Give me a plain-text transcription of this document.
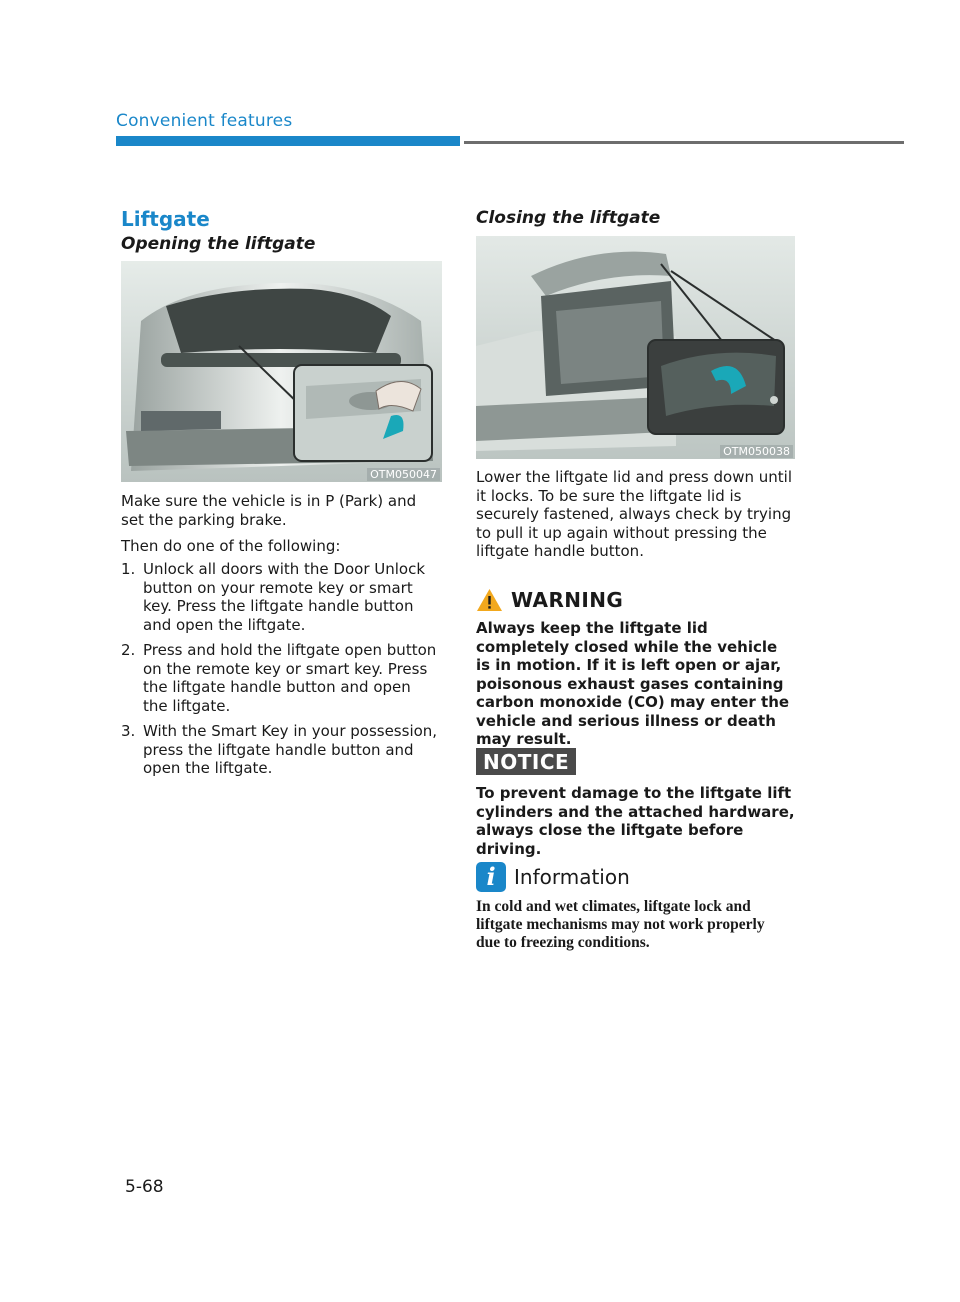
Convenient features
Liftgate
Opening the liftgate
OTM050047

Make sure the vehicle is in P (Park) and set the parking brake.

Then do one of the following:

1. Unlock all doors with the Door Unlock button on your remote key or smart key. Press the liftgate handle button and open the liftgate.
2. Press and hold the liftgate open button on the remote key or smart key. Press the liftgate handle button and open the liftgate.
3. With the Smart Key in your possession, press the liftgate handle button and open the liftgate.
Closing the liftgate
OTM050038

Lower the liftgate lid and press down until it locks. To be sure the liftgate lid is securely fastened, always check by trying to pull it up again without pressing the liftgate handle button.

WARNING

Always keep the liftgate lid completely closed while the vehicle is in motion. If it is left open or ajar, poisonous exhaust gases containing carbon monoxide (CO) may enter the vehicle and serious illness or death may result.

NOTICE

To prevent damage to the liftgate lift cylinders and the attached hardware, always close the liftgate before driving.

i Information

In cold and wet climates, liftgate lock and liftgate mechanisms may not work properly due to freezing conditions.

5-68
